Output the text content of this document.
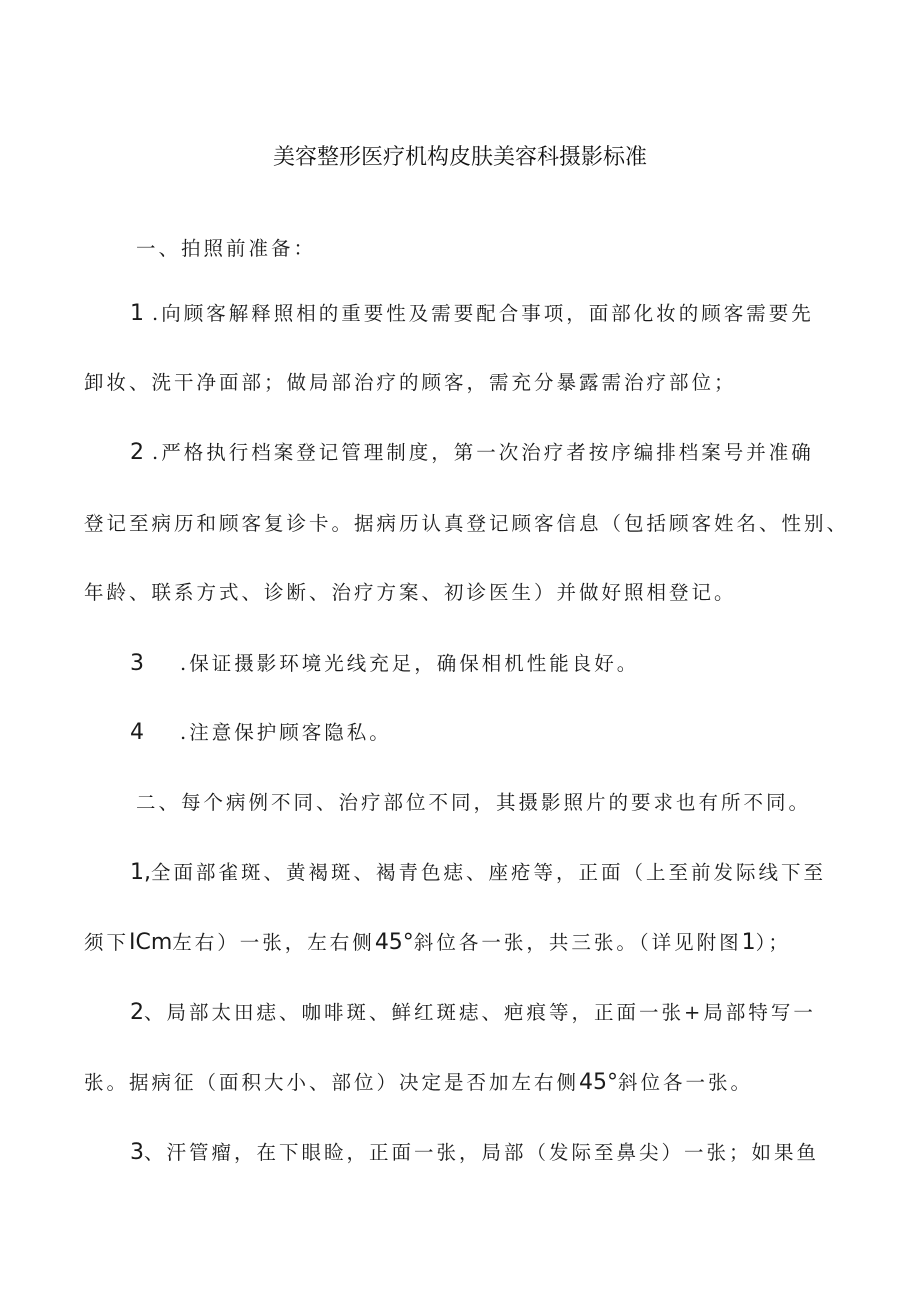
美容整形医疗机构皮肤美容科摄影标准
一、拍照前准备：
1 .向顾客解释照相的重要性及需要配合事项，面部化妆的顾客需要先
卸妆、洗干净面部；做局部治疗的顾客，需充分暴露需治疗部位；
2 .严格执行档案登记管理制度，第一次治疗者按序编排档案号并准确
登记至病历和顾客复诊卡。据病历认真登记顾客信息（包括顾客姓名、性别、
年龄、联系方式、诊断、治疗方案、初诊医生）并做好照相登记。
3 .保证摄影环境光线充足，确保相机性能良好。
4 .注意保护顾客隐私。
二、每个病例不同、治疗部位不同，其摄影照片的要求也有所不同。
1,全面部雀斑、黄褐斑、褐青色痣、座疮等，正面（上至前发际线下至
须下ICm左右）一张，左右侧45°斜位各一张，共三张。（详见附图1）；
2、局部太田痣、咖啡斑、鲜红斑痣、疤痕等，正面一张+局部特写一
张。据病征（面积大小、部位）决定是否加左右侧45°斜位各一张。
3、汗管瘤，在下眼睑，正面一张，局部（发际至鼻尖）一张；如果鱼
